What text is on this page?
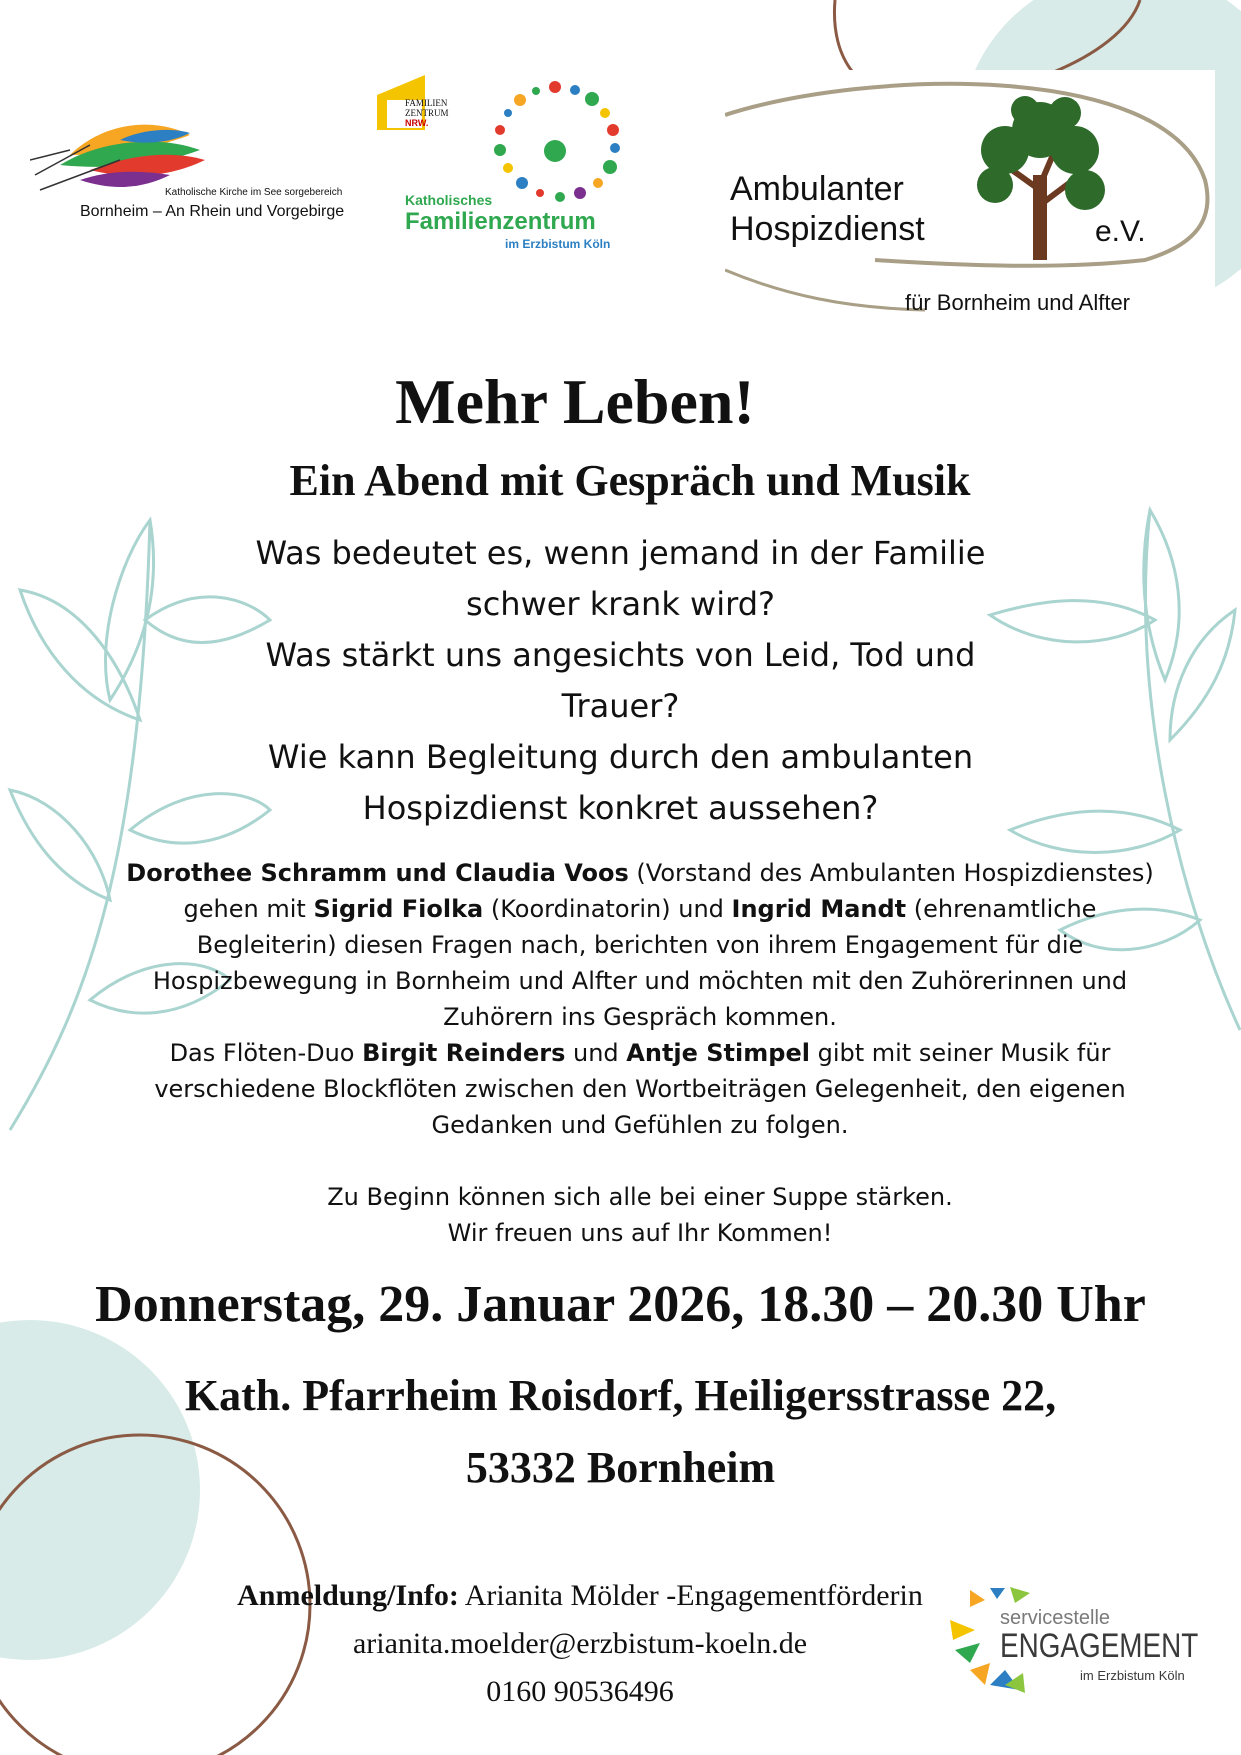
Katholische Kirche im See sorgebereich
Bornheim – An Rhein und Vorgebirge
FAMILIEN
ZENTRUM
NRW.
Katholisches
Familienzentrum
im Erzbistum Köln
Ambulanter
Hospizdienst	e.V.
für Bornheim und Alfter
Mehr Leben!
Ein Abend mit Gespräch und Musik
Was bedeutet es, wenn jemand in der Familie
schwer krank wird?
Was stärkt uns angesichts von Leid, Tod und
Trauer?
Wie kann Begleitung durch den ambulanten
Hospizdienst konkret aussehen?
Dorothee Schramm und Claudia Voos (Vorstand des Ambulanten Hospizdienstes) gehen mit Sigrid Fiolka (Koordinatorin) und Ingrid Mandt (ehrenamtliche Begleiterin) diesen Fragen nach, berichten von ihrem Engagement für die Hospizbewegung in Bornheim und Alfter und möchten mit den Zuhörerinnen und Zuhörern ins Gespräch kommen.
Das Flöten-Duo Birgit Reinders und Antje Stimpel gibt mit seiner Musik für verschiedene Blockflöten zwischen den Wortbeiträgen Gelegenheit, den eigenen Gedanken und Gefühlen zu folgen.
Zu Beginn können sich alle bei einer Suppe stärken.
Wir freuen uns auf Ihr Kommen!
Donnerstag, 29. Januar 2026, 18.30 – 20.30 Uhr
Kath. Pfarrheim Roisdorf, Heiligersstrasse 22,
53332 Bornheim
Anmeldung/Info: Arianita Mölder -Engagementförderin
arianita.moelder@erzbistum-koeln.de
0160 90536496
servicestelle
ENGAGEMENT
im Erzbistum Köln
